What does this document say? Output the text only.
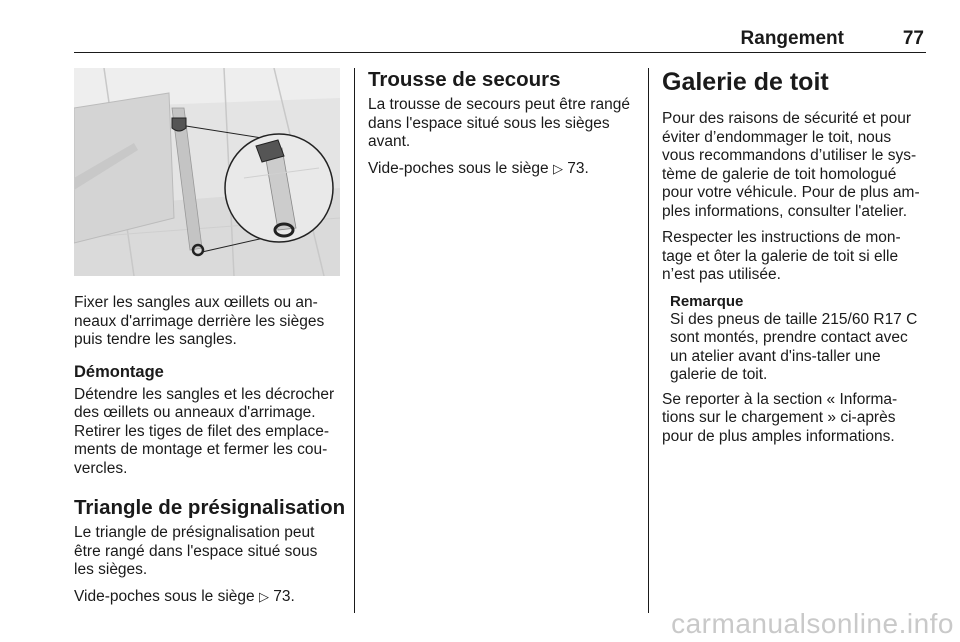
Rangement	77

Fixer les sangles aux œillets ou an-neaux d'arrimage derrière les sièges puis tendre les sangles.

Démontage

Détendre les sangles et les décrocher des œillets ou anneaux d'arrimage. Retirer les tiges de filet des emplace-ments de montage et fermer les cou-vercles.

Triangle de présignalisation

Le triangle de présignalisation peut être rangé dans l'espace situé sous les sièges.

Vide-poches sous le siège ▷ 73.

Trousse de secours

La trousse de secours peut être rangé dans l'espace situé sous les sièges avant.

Vide-poches sous le siège ▷ 73.

Galerie de toit

Pour des raisons de sécurité et pour éviter d’endommager le toit, nous vous recommandons d’utiliser le sys-tème de galerie de toit homologué pour votre véhicule. Pour de plus am-ples informations, consulter l'atelier.

Respecter les instructions de mon-tage et ôter la galerie de toit si elle n’est pas utilisée.

Remarque

Si des pneus de taille 215/60 R17 C sont montés, prendre contact avec un atelier avant d'ins-taller une galerie de toit.

Se reporter à la section « Informa-tions sur le chargement » ci-après pour de plus amples informations.

carmanualsonline.info
